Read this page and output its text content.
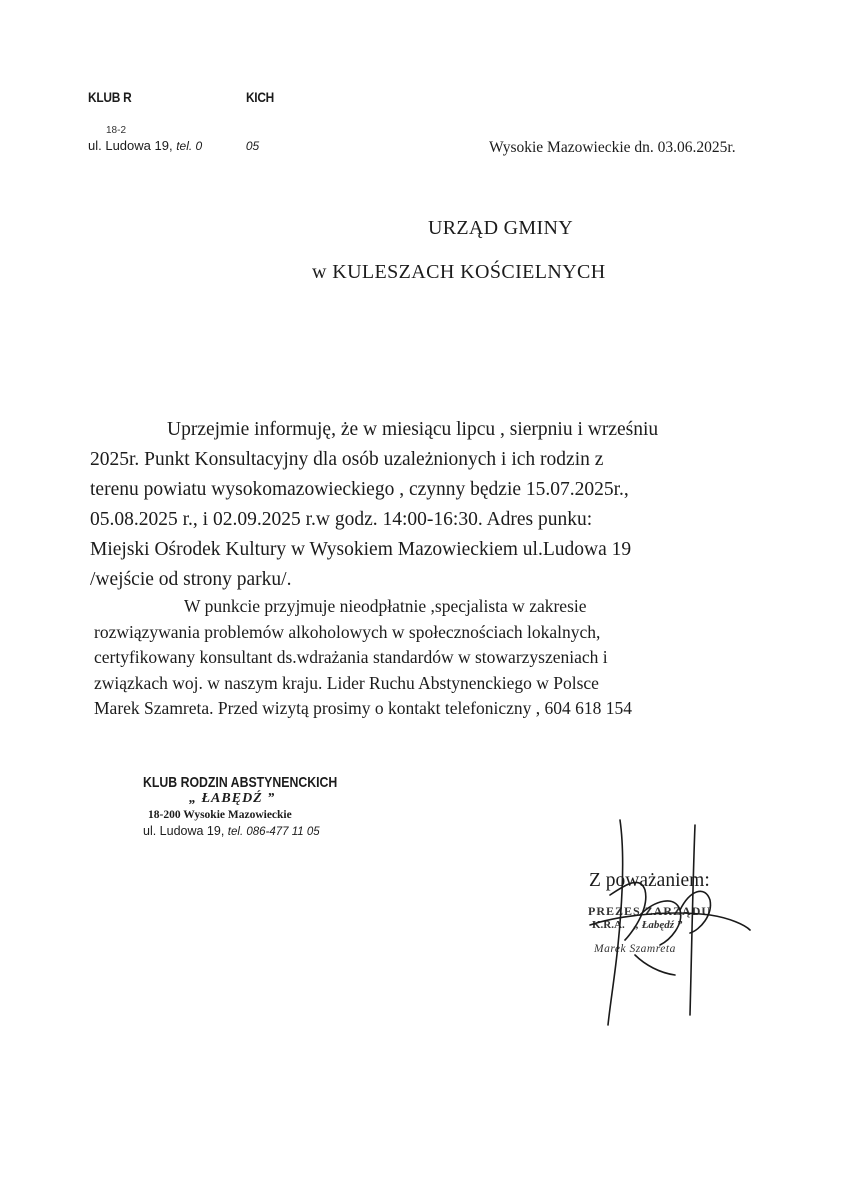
KLUB R                  KICH
18-2
ul. Ludowa 19, tel. 0	05	Wysokie Mazowieckie dn. 03.06.2025r.
URZĄD GMINY
w KULESZACH KOŚCIELNYCH
Uprzejmie informuję, że w miesiącu lipcu , sierpniu i wrześniu
2025r. Punkt Konsultacyjny dla osób uzależnionych i ich rodzin z
terenu powiatu wysokomazowieckiego , czynny będzie 15.07.2025r.,
05.08.2025 r., i 02.09.2025 r.w godz. 14:00-16:30. Adres punku:
Miejski Ośrodek Kultury w Wysokiem Mazowieckiem ul.Ludowa 19
/wejście od strony parku/.
W punkcie przyjmuje nieodpłatnie ,specjalista w zakresie
rozwiązywania problemów alkoholowych w społecznościach lokalnych,
certyfikowany konsultant ds.wdrażania standardów w stowarzyszeniach i
związkach woj. w naszym kraju. Lider Ruchu Abstynenckiego w Polsce
Marek Szamreta. Przed wizytą prosimy o kontakt telefoniczny , 604 618 154
KLUB RODZIN ABSTYNENCKICH
„ ŁABĘDŹ ”
18-200 Wysokie Mazowieckie
ul. Ludowa 19, tel. 086-477 11 05
Z poważaniem:
PREZES ZARZĄDU
K.R.A. „ Łabędź ”
Marek Szamreta
